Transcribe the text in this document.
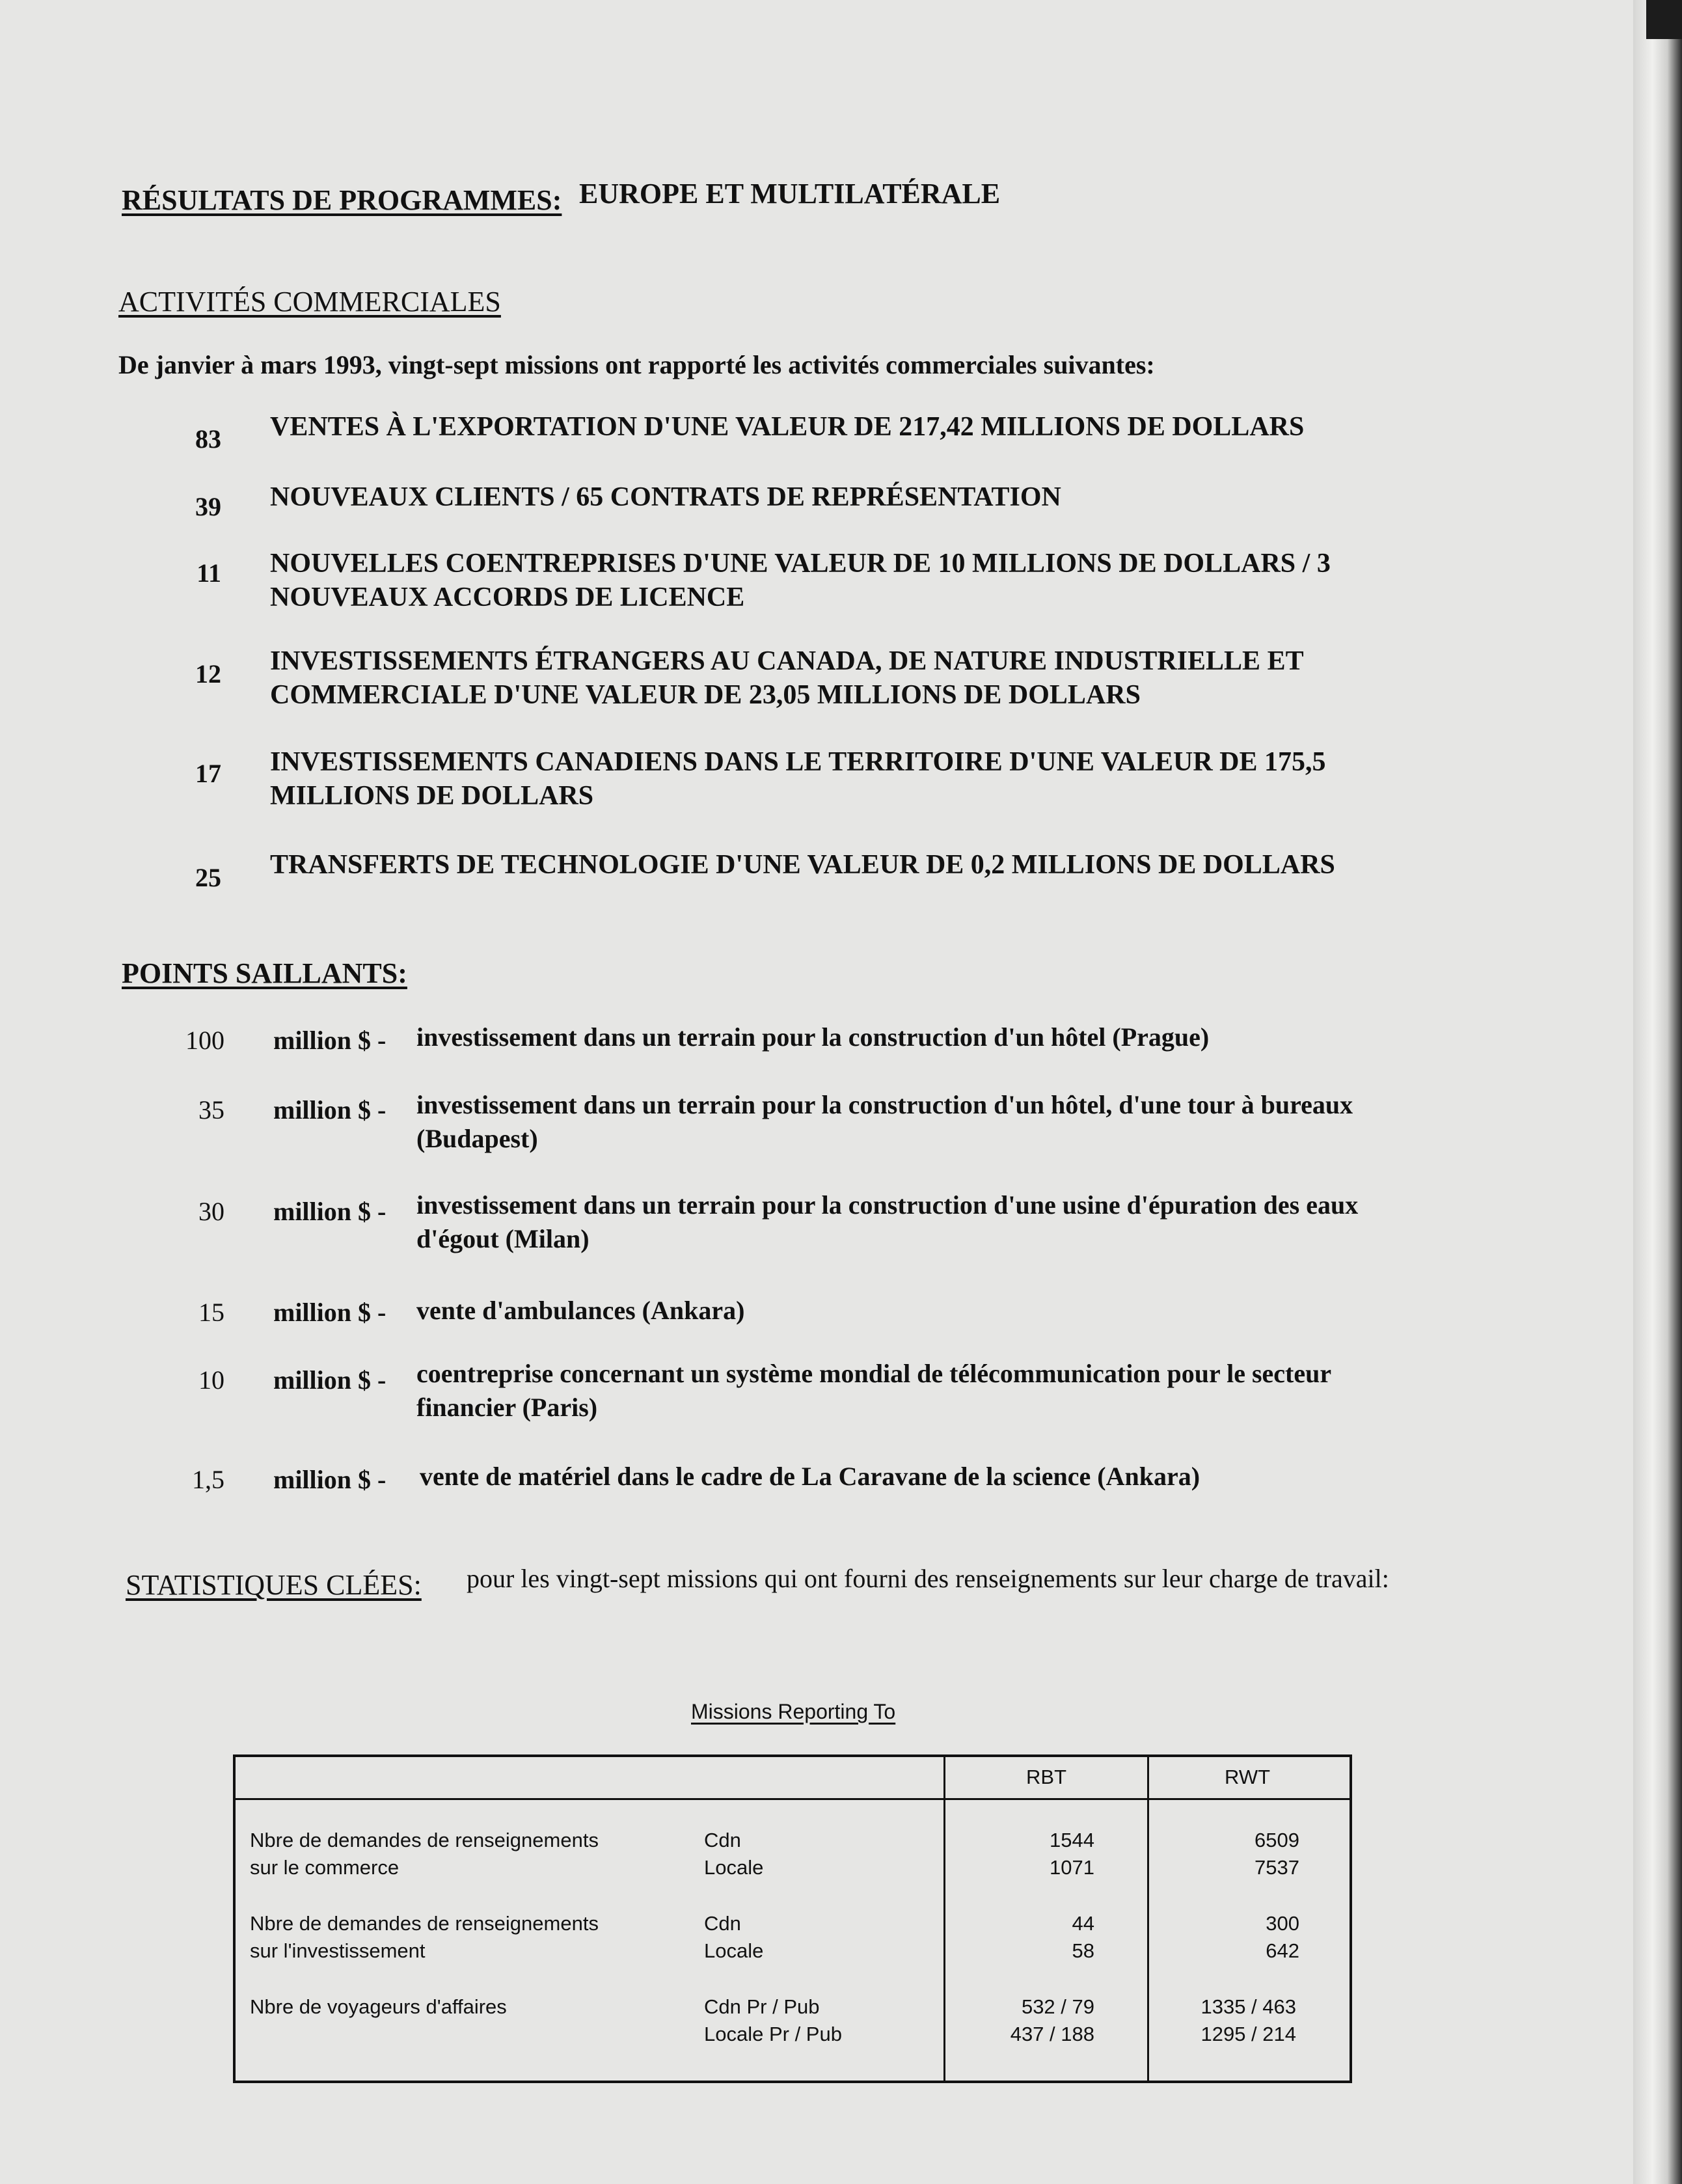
RÉSULTATS DE PROGRAMMES: EUROPE ET MULTILATÉRALE
ACTIVITÉS COMMERCIALES
De janvier à mars 1993, vingt-sept missions ont rapporté les activités commerciales suivantes:
83 VENTES À L'EXPORTATION D'UNE VALEUR DE 217,42 MILLIONS DE DOLLARS
39 NOUVEAUX CLIENTS / 65 CONTRATS DE REPRÉSENTATION
11 NOUVELLES COENTREPRISES D'UNE VALEUR DE 10 MILLIONS DE DOLLARS / 3 NOUVEAUX ACCORDS DE LICENCE
12 INVESTISSEMENTS ÉTRANGERS AU CANADA, DE NATURE INDUSTRIELLE ET COMMERCIALE D'UNE VALEUR DE 23,05 MILLIONS DE DOLLARS
17 INVESTISSEMENTS CANADIENS DANS LE TERRITOIRE D'UNE VALEUR DE 175,5 MILLIONS DE DOLLARS
25 TRANSFERTS DE TECHNOLOGIE D'UNE VALEUR DE 0,2 MILLIONS DE DOLLARS
POINTS SAILLANTS:
100 million $ - investissement dans un terrain pour la construction d'un hôtel (Prague)
35 million $ - investissement dans un terrain pour la construction d'un hôtel, d'une tour à bureaux (Budapest)
30 million $ - investissement dans un terrain pour la construction d'une usine d'épuration des eaux d'égout (Milan)
15 million $ - vente d'ambulances (Ankara)
10 million $ - coentreprise concernant un système mondial de télécommunication pour le secteur financier (Paris)
1,5 million $ - vente de matériel dans le cadre de La Caravane de la science (Ankara)
STATISTIQUES CLÉES: pour les vingt-sept missions qui ont fourni des renseignements sur leur charge de travail:
Missions Reporting To
RBT	RWT
Nbre de demandes de renseignements
sur le commerce
Cdn
Locale
1544
1071
6509
7537
Nbre de demandes de renseignements
sur l'investissement
Cdn
Locale
44
58
300
642
Nbre de voyageurs d'affaires	Cdn Pr / Pub
Locale Pr / Pub
532 / 79
437 / 188
1335 / 463
1295 / 214
